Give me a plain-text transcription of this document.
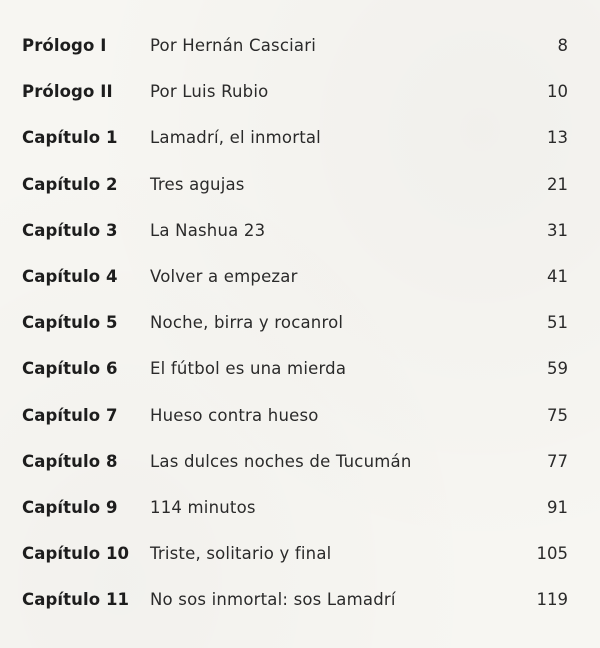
Prólogo I	Por Hernán Casciari	8
Prólogo II Por Luis Rubio	10
Capítulo 1 Lamadrí, el inmortal	13
Capítulo 2 Tres agujas	21
Capítulo 3 La Nashua 23	31
Capítulo 4 Volver a empezar	41
Capítulo 5 Noche, birra y rocanrol	51
Capítulo 6 El fútbol es una mierda	59
Capítulo 7 Hueso contra hueso	75
Capítulo 8 Las dulces noches de Tucumán	77
Capítulo 9 114 minutos	91
Capítulo 10 Triste, solitario y final	105
Capítulo 11 No sos inmortal: sos Lamadrí	119
